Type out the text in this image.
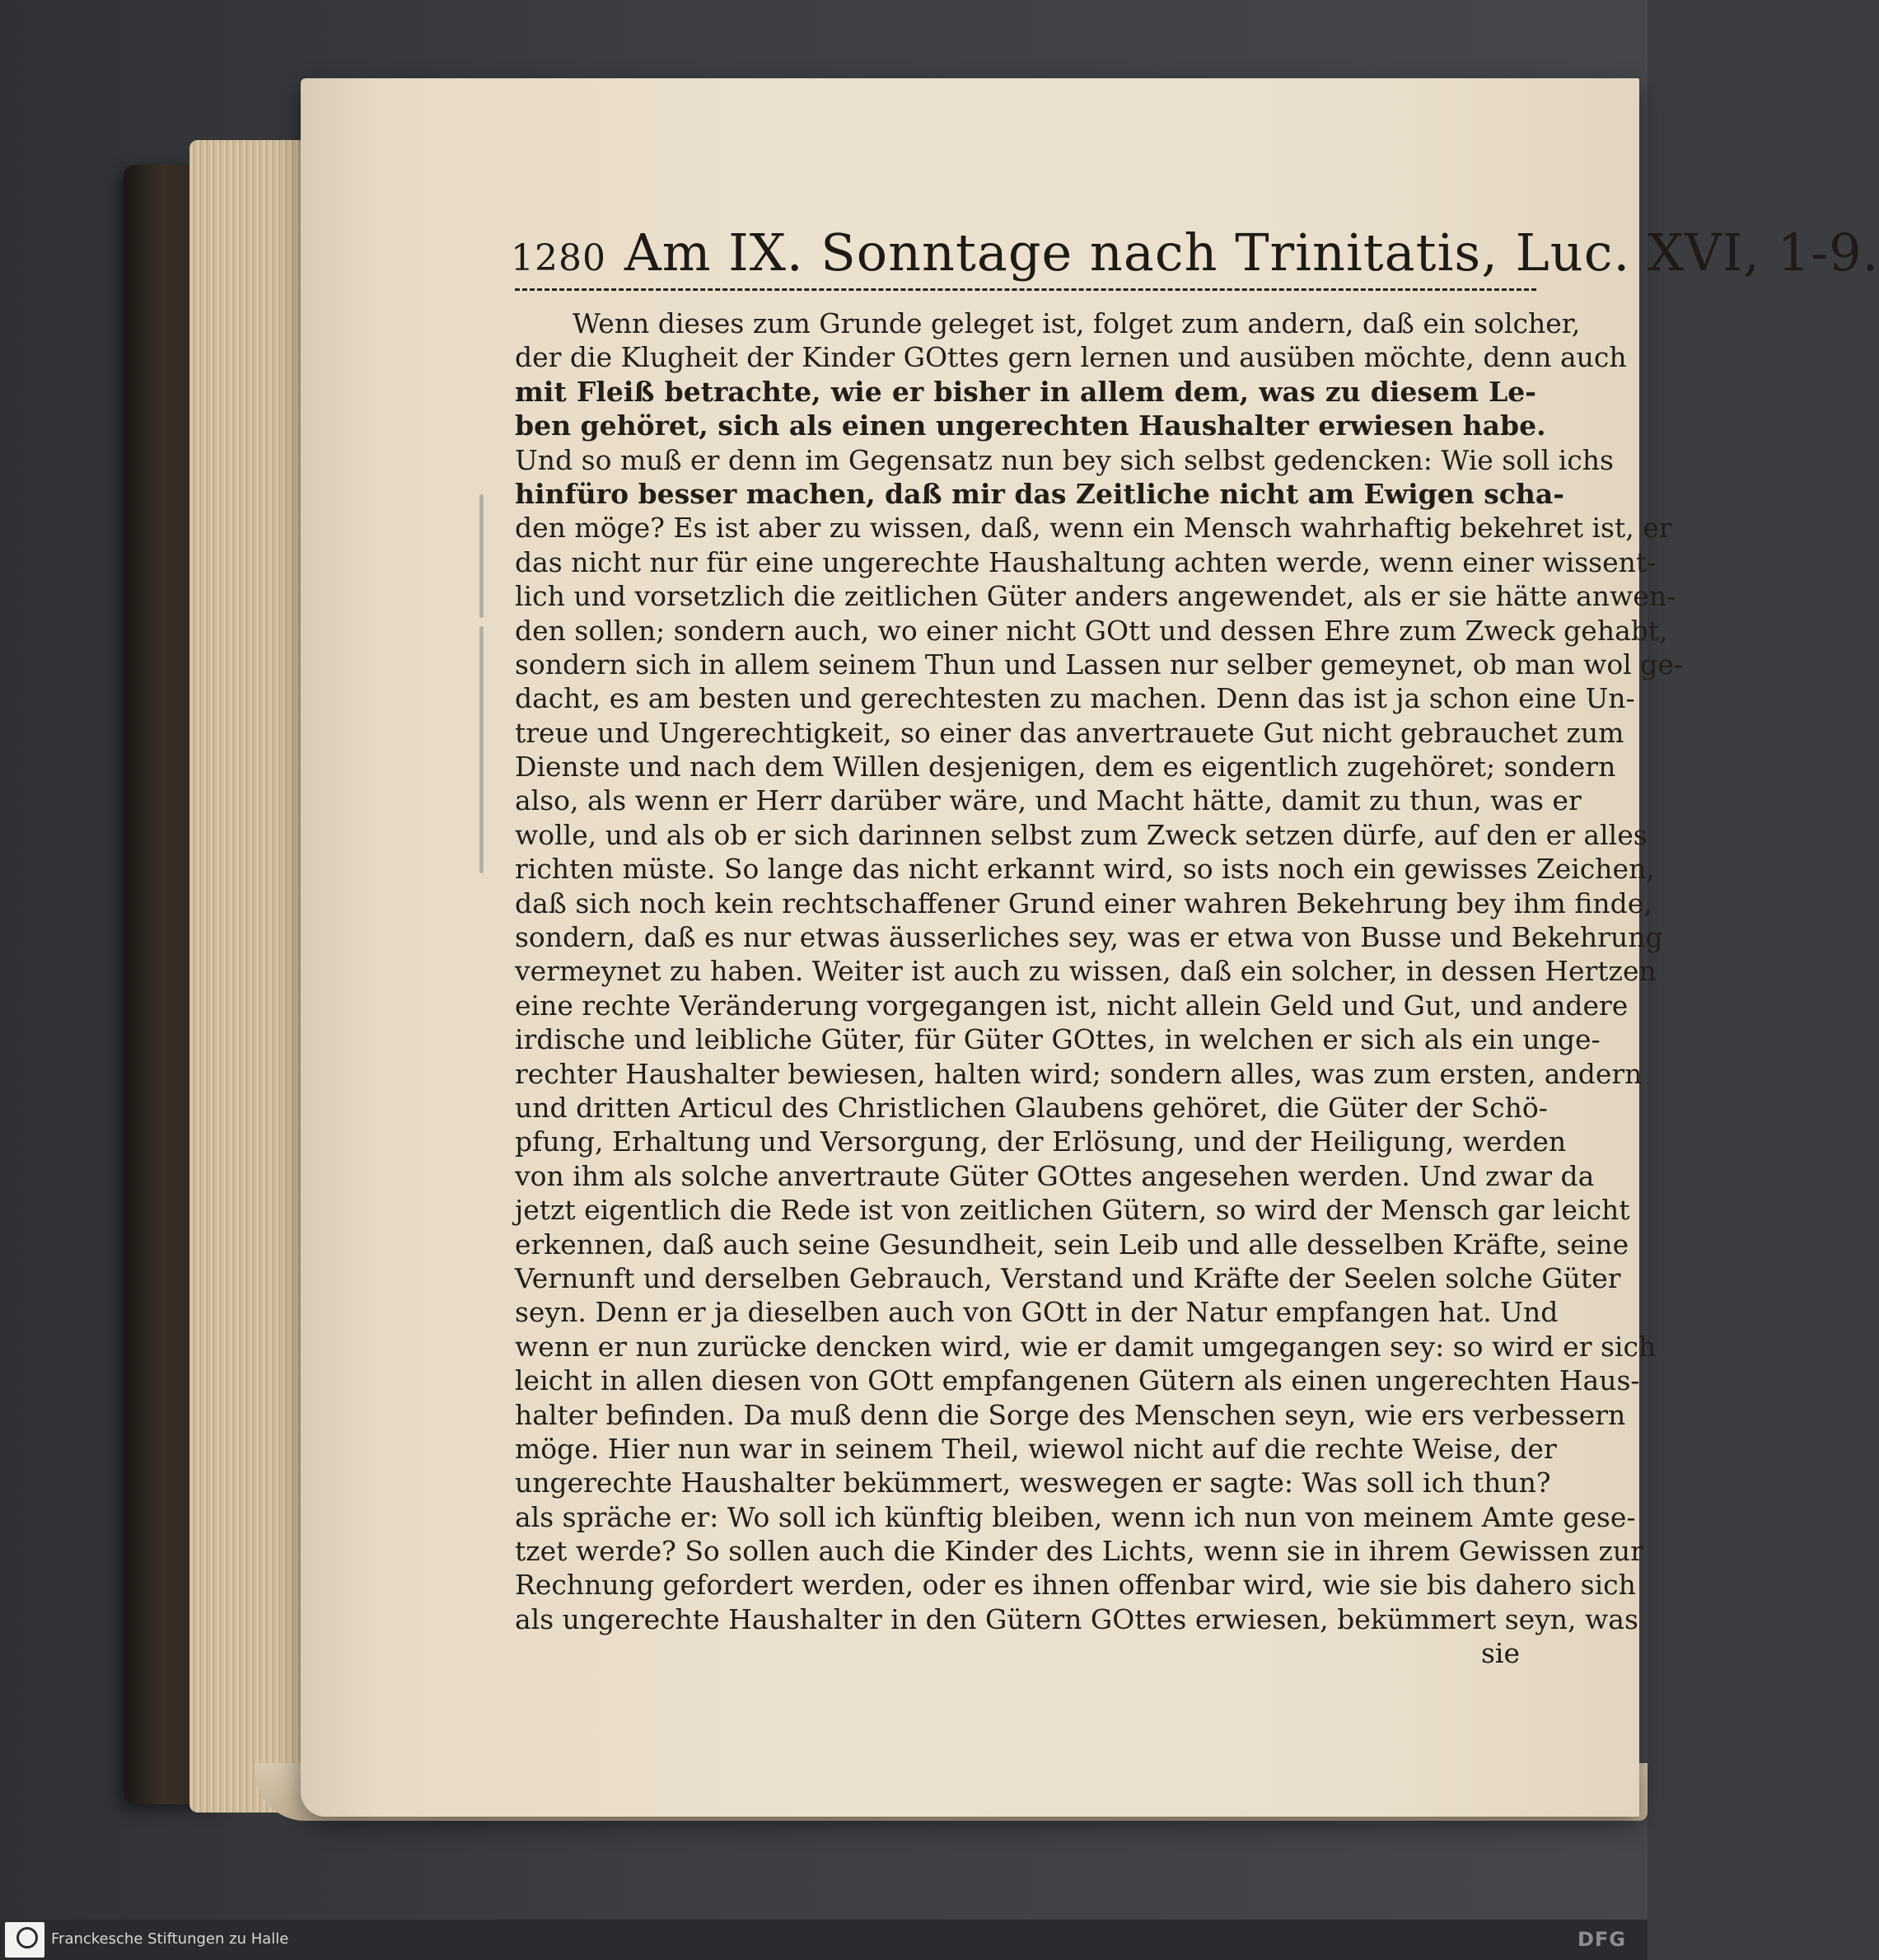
1280 Am IX. Sonntage nach Trinitatis, Luc. XVI, 1-9.
Wenn dieses zum Grunde geleget ist, folget zum andern, daß ein solcher,
der die Klugheit der Kinder GOttes gern lernen und ausüben möchte, denn auch
mit Fleiß betrachte, wie er bisher in allem dem, was zu diesem Le-
ben gehöret, sich als einen ungerechten Haushalter erwiesen habe.
Und so muß er denn im Gegensatz nun bey sich selbst gedencken: Wie soll ichs
hinfüro besser machen, daß mir das Zeitliche nicht am Ewigen scha-
den möge? Es ist aber zu wissen, daß, wenn ein Mensch wahrhaftig bekehret ist, er
das nicht nur für eine ungerechte Haushaltung achten werde, wenn einer wissent-
lich und vorsetzlich die zeitlichen Güter anders angewendet, als er sie hätte anwen-
den sollen; sondern auch, wo einer nicht GOtt und dessen Ehre zum Zweck gehabt,
sondern sich in allem seinem Thun und Lassen nur selber gemeynet, ob man wol ge-
dacht, es am besten und gerechtesten zu machen. Denn das ist ja schon eine Un-
treue und Ungerechtigkeit, so einer das anvertrauete Gut nicht gebrauchet zum
Dienste und nach dem Willen desjenigen, dem es eigentlich zugehöret; sondern
also, als wenn er Herr darüber wäre, und Macht hätte, damit zu thun, was er
wolle, und als ob er sich darinnen selbst zum Zweck setzen dürfe, auf den er alles
richten müste. So lange das nicht erkannt wird, so ists noch ein gewisses Zeichen,
daß sich noch kein rechtschaffener Grund einer wahren Bekehrung bey ihm finde,
sondern, daß es nur etwas äusserliches sey, was er etwa von Busse und Bekehrung
vermeynet zu haben. Weiter ist auch zu wissen, daß ein solcher, in dessen Hertzen
eine rechte Veränderung vorgegangen ist, nicht allein Geld und Gut, und andere
irdische und leibliche Güter, für Güter GOttes, in welchen er sich als ein unge-
rechter Haushalter bewiesen, halten wird; sondern alles, was zum ersten, andern
und dritten Articul des Christlichen Glaubens gehöret, die Güter der Schö-
pfung, Erhaltung und Versorgung, der Erlösung, und der Heiligung, werden
von ihm als solche anvertraute Güter GOttes angesehen werden. Und zwar da
jetzt eigentlich die Rede ist von zeitlichen Gütern, so wird der Mensch gar leicht
erkennen, daß auch seine Gesundheit, sein Leib und alle desselben Kräfte, seine
Vernunft und derselben Gebrauch, Verstand und Kräfte der Seelen solche Güter
seyn. Denn er ja dieselben auch von GOtt in der Natur empfangen hat. Und
wenn er nun zurücke dencken wird, wie er damit umgegangen sey: so wird er sich
leicht in allen diesen von GOtt empfangenen Gütern als einen ungerechten Haus-
halter befinden. Da muß denn die Sorge des Menschen seyn, wie ers verbessern
möge. Hier nun war in seinem Theil, wiewol nicht auf die rechte Weise, der
ungerechte Haushalter bekümmert, weswegen er sagte: Was soll ich thun?
als spräche er: Wo soll ich künftig bleiben, wenn ich nun von meinem Amte gese-
tzet werde? So sollen auch die Kinder des Lichts, wenn sie in ihrem Gewissen zur
Rechnung gefordert werden, oder es ihnen offenbar wird, wie sie bis dahero sich
als ungerechte Haushalter in den Gütern GOttes erwiesen, bekümmert seyn, was
sie
Franckesche Stiftungen zu Halle	DFG
